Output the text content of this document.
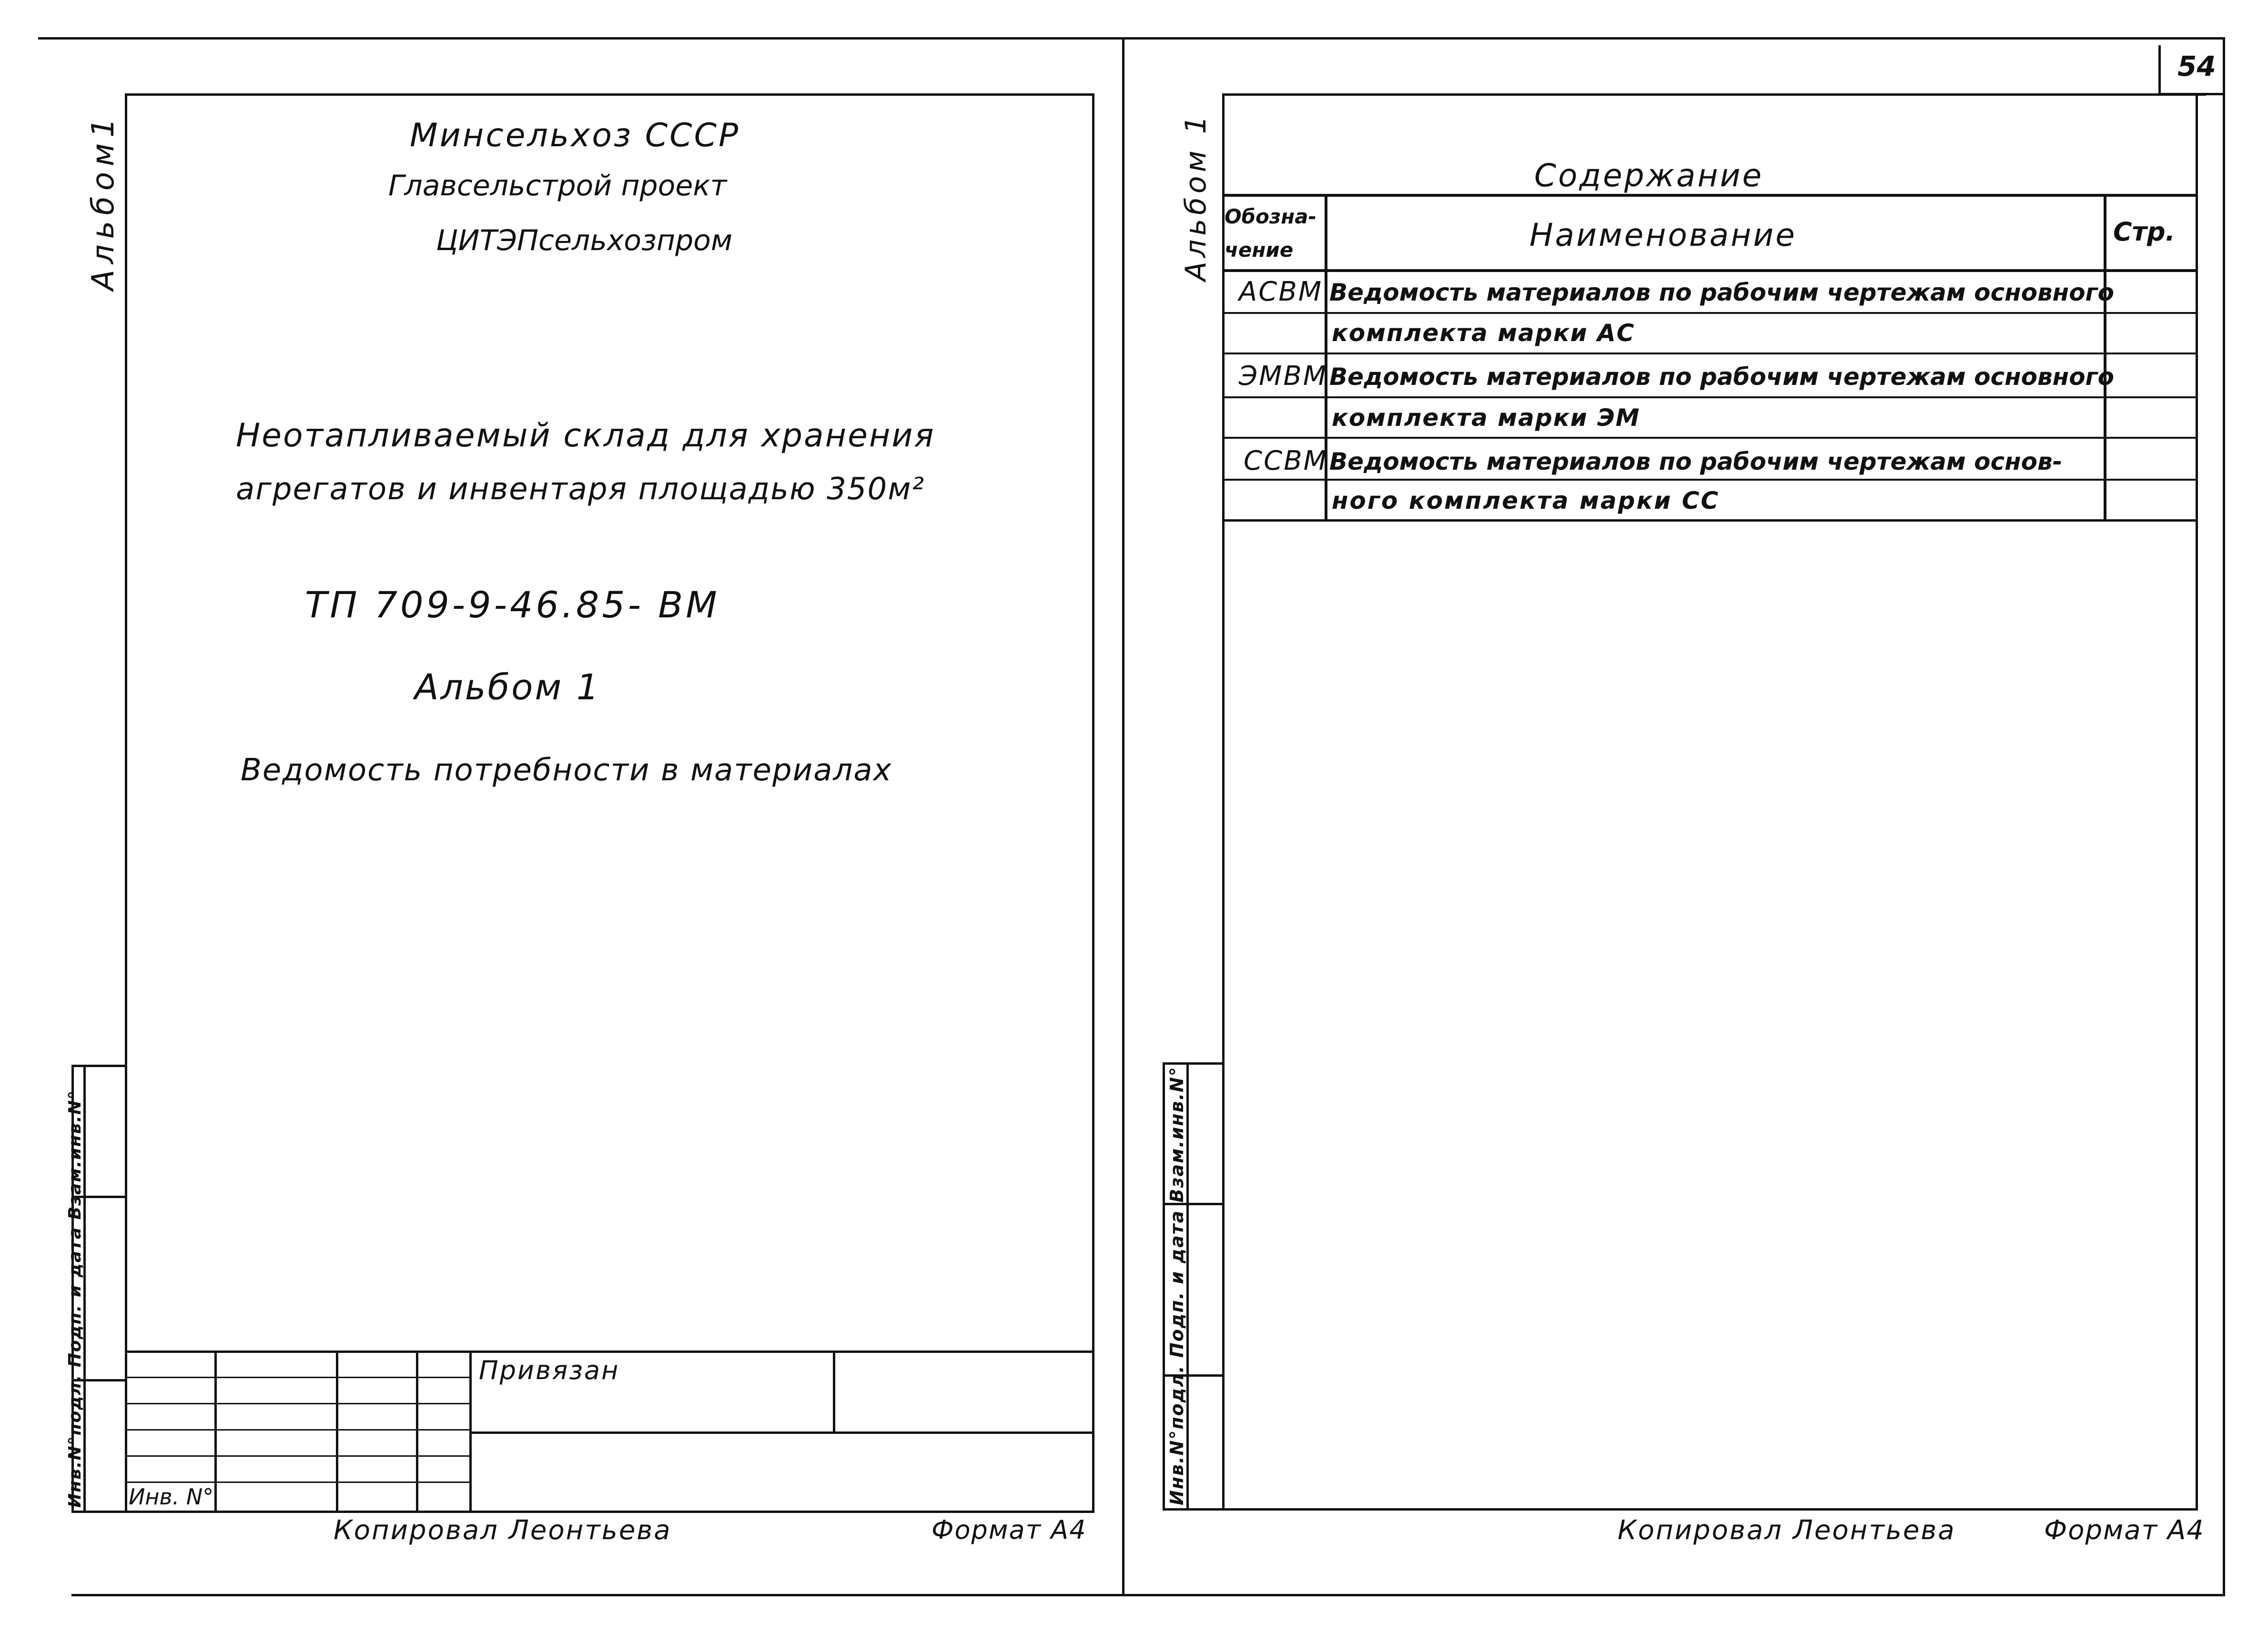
Альбом1	Минсельхоз СССР
Главсельстрой проект
ЦИТЭПсельхозпром
Неотапливаемый склад для хранения
агрегатов и инвентаря площадью 350м²
ТП 709-9-46.85- ВМ
Альбом 1
Ведомость потребности в материалах
Инв.N°подл. Подп. и дата Взам.инв.N°	Привязан
Инв. N°
54
Альбом 1	Содержание
Обозна-
чение	Наименование	Стр.
АСВМ Ведомость материалов по рабочим чертежам основного
комплекта марки АС
ЭМВМ Ведомость материалов по рабочим чертежам основного
комплекта марки ЭМ
ССВМ Ведомость материалов по рабочим чертежам основ-
ного комплекта марки СС
Инв.N°подл. Подп. и дата Взам.инв.N°
Копировал Леонтьева	Формат А4	Копировал Леонтьева	Формат А4
